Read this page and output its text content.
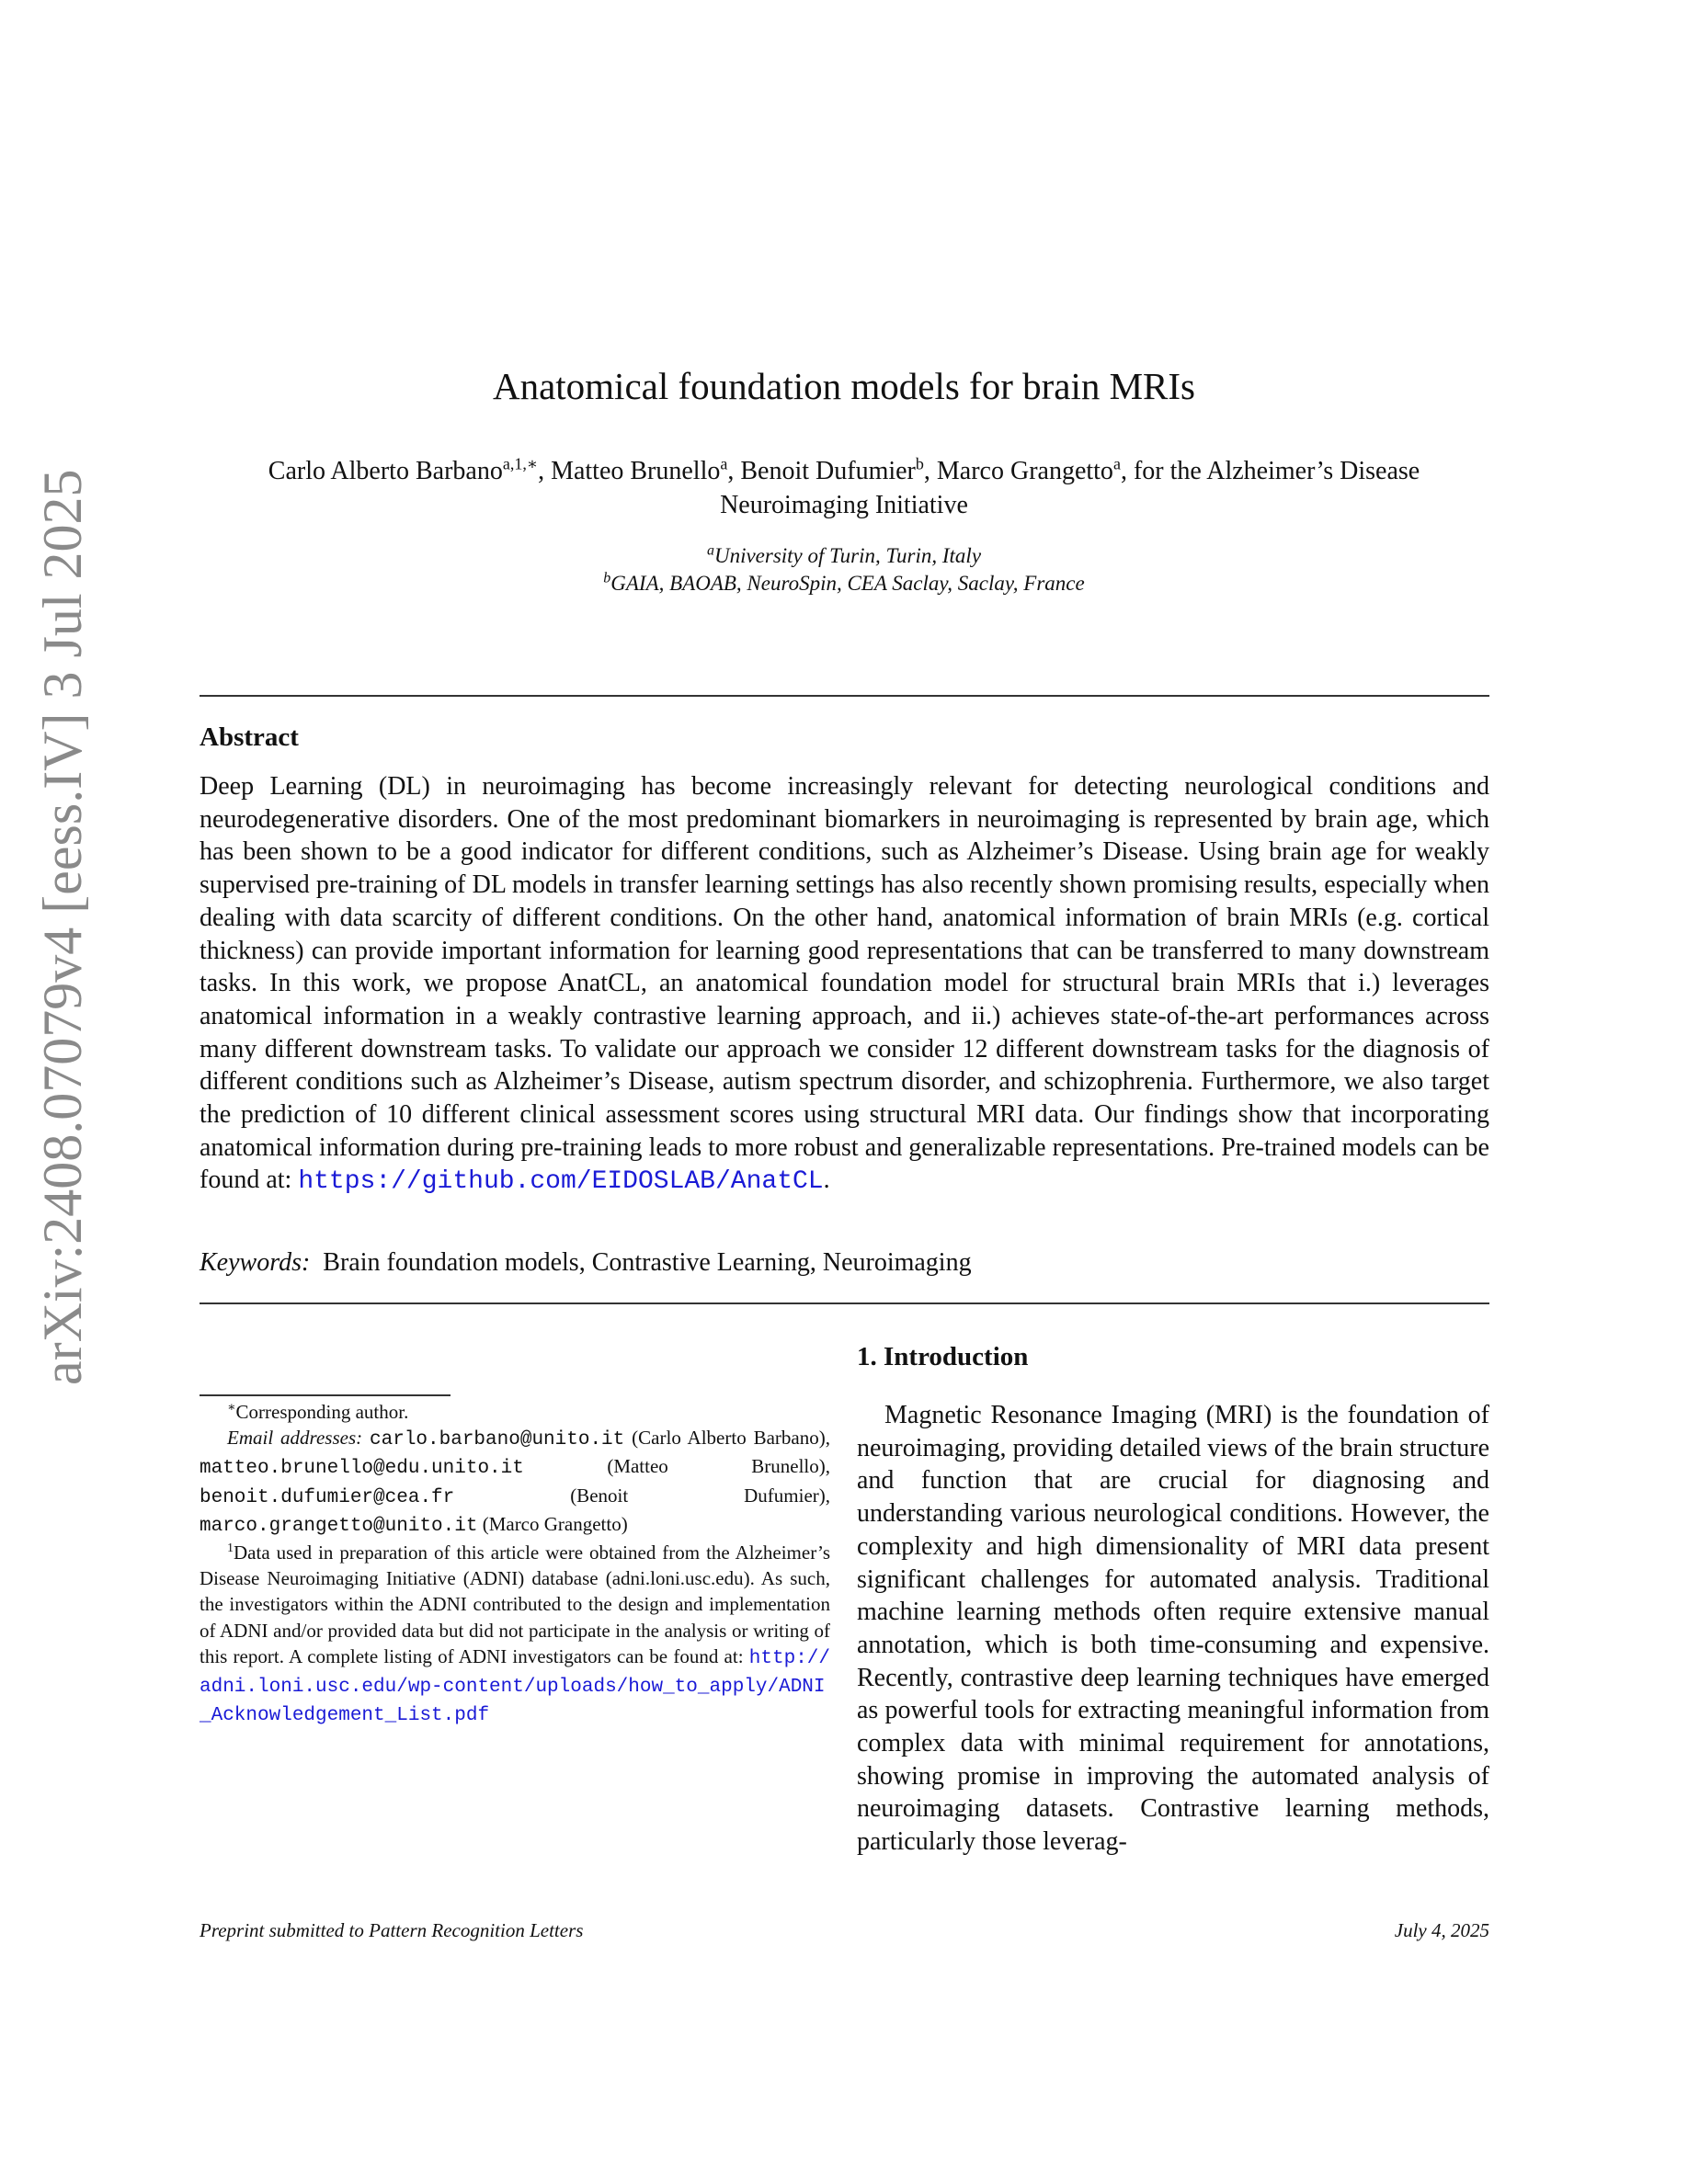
arXiv:2408.07079v4 [eess.IV] 3 Jul 2025
Anatomical foundation models for brain MRIs
Carlo Alberto Barbano$^{a,1,∗}$, Matteo Brunello$^a$, Benoit Dufumier$^b$, Marco Grangetto$^a$, for the Alzheimer’s Disease Neuroimaging Initiative
$^a$University of Turin, Turin, Italy
$^b$GAIA, BAOAB, NeuroSpin, CEA Saclay, Saclay, France
Abstract

Deep Learning (DL) in neuroimaging has become increasingly relevant for detecting neurological conditions and neurodegenerative disorders. One of the most predominant biomarkers in neuroimaging is represented by brain age, which has been shown to be a good indicator for different conditions, such as Alzheimer’s Disease. Using brain age for weakly supervised pre-training of DL models in transfer learning settings has also recently shown promising results, especially when dealing with data scarcity of different conditions. On the other hand, anatomical information of brain MRIs (e.g. cortical thickness) can provide important information for learning good representations that can be transferred to many downstream tasks. In this work, we propose AnatCL, an anatomical foundation model for structural brain MRIs that i.) leverages anatomical information in a weakly contrastive learning approach, and ii.) achieves state-of-the-art performances across many different downstream tasks. To validate our approach we consider 12 different downstream tasks for the diagnosis of different conditions such as Alzheimer’s Disease, autism spectrum disorder, and schizophrenia. Furthermore, we also target the prediction of 10 different clinical assessment scores using structural MRI data. Our findings show that incorporating anatomical information during pre-training leads to more robust and generalizable representations. Pre-trained models can be found at: https://github.com/EIDOSLAB/AnatCL.

Keywords: Brain foundation models, Contrastive Learning, Neuroimaging
1. Introduction

Magnetic Resonance Imaging (MRI) is the foundation of neuroimaging, providing detailed views of the brain structure and function that are crucial for diagnosing and understanding various neurological conditions. However, the complexity and high dimensionality of MRI data present significant challenges for automated analysis. Traditional machine learning methods often require extensive manual annotation, which is both time-consuming and expensive. Recently, contrastive deep learning techniques have emerged as powerful tools for extracting meaningful information from complex data with minimal requirement for annotations, showing promise in improving the automated analysis of neuroimaging datasets. Contrastive learning methods, particularly those leverag-

∗Corresponding author.

Email addresses: carlo.barbano@unito.it (Carlo Alberto Barbano), matteo.brunello@edu.unito.it (Matteo Brunello), benoit.dufumier@cea.fr (Benoit Dufumier), marco.grangetto@unito.it (Marco Grangetto)

$^1$Data used in preparation of this article were obtained from the Alzheimer’s Disease Neuroimaging Initiative (ADNI) database (adni.loni.usc.edu). As such, the investigators within the ADNI contributed to the design and implementation of ADNI and/or provided data but did not participate in the analysis or writing of this report. A complete listing of ADNI investigators can be found at: http://adni.loni.usc.edu/wp-content/uploads/how_to_apply/ADNI_Acknowledgement_List.pdf

Preprint submitted to Pattern Recognition Letters	July 4, 2025
